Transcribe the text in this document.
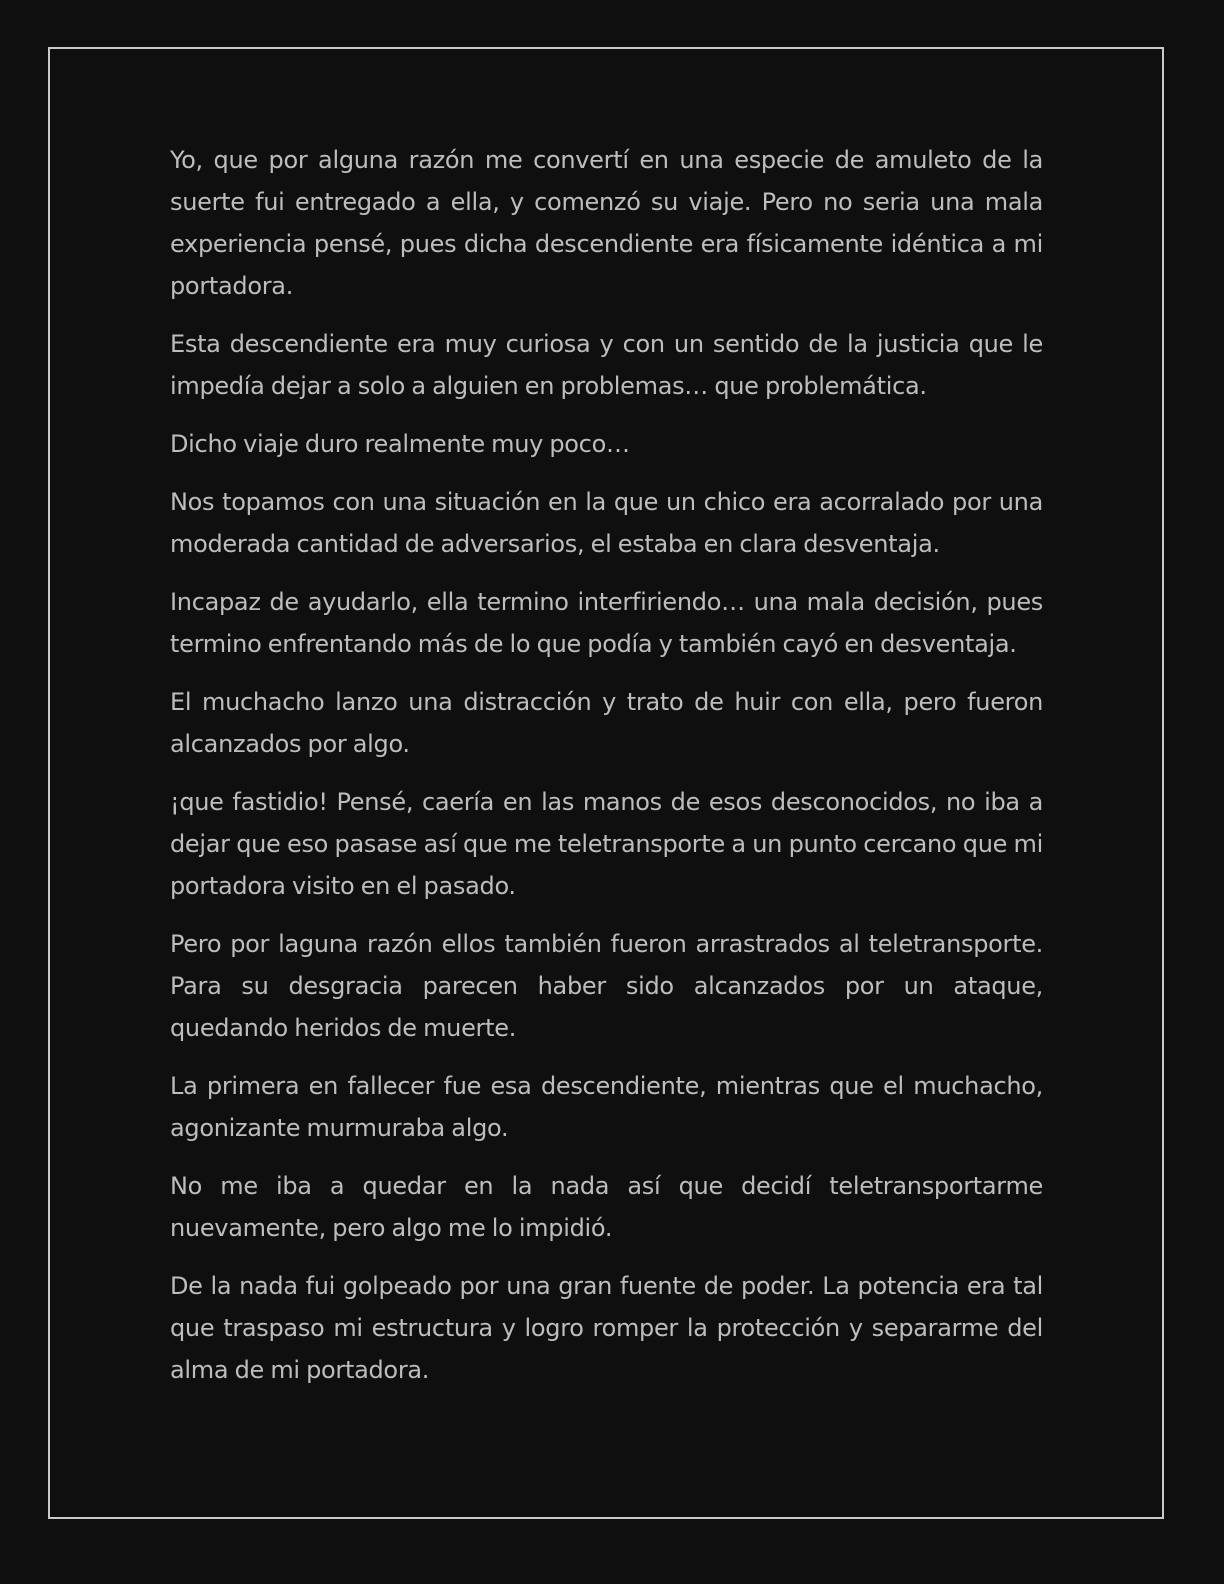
Yo, que por alguna razón me convertí en una especie de amuleto de la suerte fui entregado a ella, y comenzó su viaje. Pero no seria una mala experiencia pensé, pues dicha descendiente era físicamente idéntica a mi portadora.

Esta descendiente era muy curiosa y con un sentido de la justicia que le impedía dejar a solo a alguien en problemas… que problemática.

Dicho viaje duro realmente muy poco…

Nos topamos con una situación en la que un chico era acorralado por una moderada cantidad de adversarios, el estaba en clara desventaja.

Incapaz de ayudarlo, ella termino interfiriendo… una mala decisión, pues termino enfrentando más de lo que podía y también cayó en desventaja.

El muchacho lanzo una distracción y trato de huir con ella, pero fueron alcanzados por algo.

¡que fastidio! Pensé, caería en las manos de esos desconocidos, no iba a dejar que eso pasase así que me teletransporte a un punto cercano que mi portadora visito en el pasado.

Pero por laguna razón ellos también fueron arrastrados al teletransporte. Para su desgracia parecen haber sido alcanzados por un ataque, quedando heridos de muerte.

La primera en fallecer fue esa descendiente, mientras que el muchacho, agonizante murmuraba algo.

No me iba a quedar en la nada así que decidí teletransportarme nuevamente, pero algo me lo impidió.

De la nada fui golpeado por una gran fuente de poder. La potencia era tal que traspaso mi estructura y logro romper la protección y separarme del alma de mi portadora.
